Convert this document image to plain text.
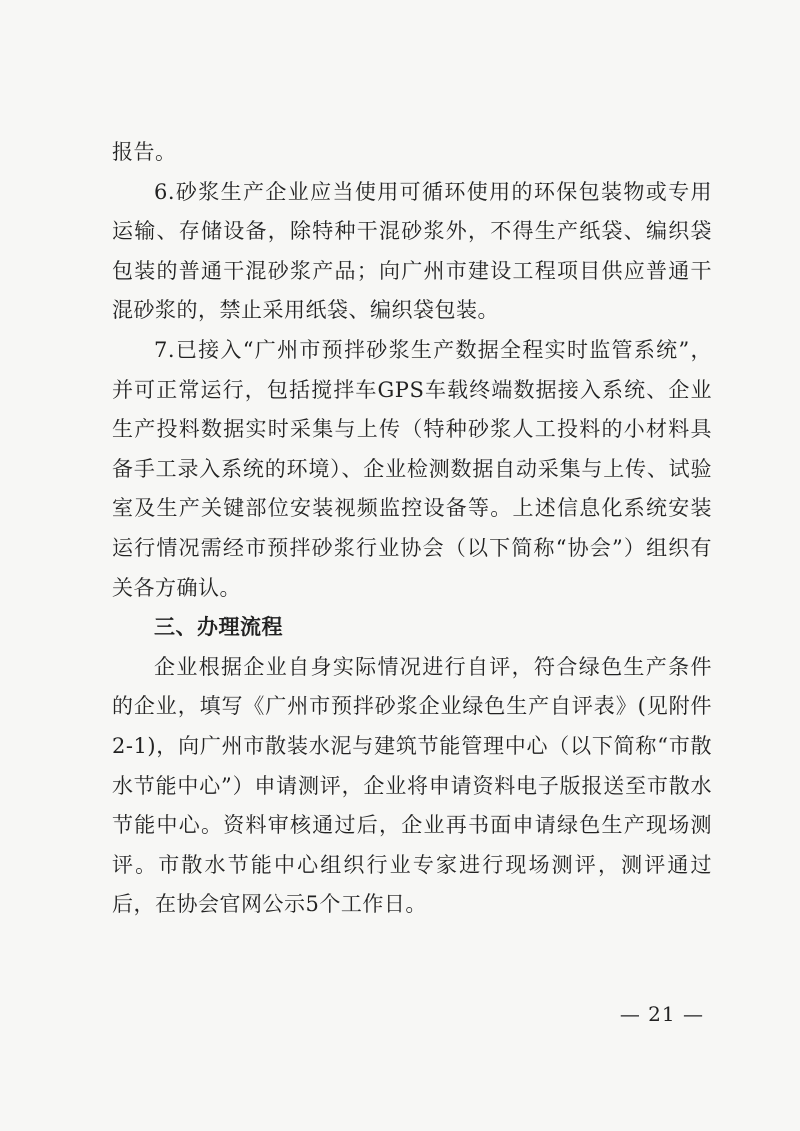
报告。

6.砂浆生产企业应当使用可循环使用的环保包装物或专用运输、存储设备，除特种干混砂浆外，不得生产纸袋、编织袋包装的普通干混砂浆产品；向广州市建设工程项目供应普通干混砂浆的，禁止采用纸袋、编织袋包装。

7.已接入“广州市预拌砂浆生产数据全程实时监管系统”，并可正常运行，包括搅拌车GPS车载终端数据接入系统、企业生产投料数据实时采集与上传（特种砂浆人工投料的小材料具备手工录入系统的环境）、企业检测数据自动采集与上传、试验室及生产关键部位安装视频监控设备等。上述信息化系统安装运行情况需经市预拌砂浆行业协会（以下简称“协会”）组织有关各方确认。

三、办理流程

企业根据企业自身实际情况进行自评，符合绿色生产条件的企业，填写《广州市预拌砂浆企业绿色生产自评表》(见附件2-1)，向广州市散装水泥与建筑节能管理中心（以下简称“市散水节能中心”）申请测评，企业将申请资料电子版报送至市散水节能中心。资料审核通过后，企业再书面申请绿色生产现场测评。市散水节能中心组织行业专家进行现场测评，测评通过后，在协会官网公示5个工作日。

— 21 —
